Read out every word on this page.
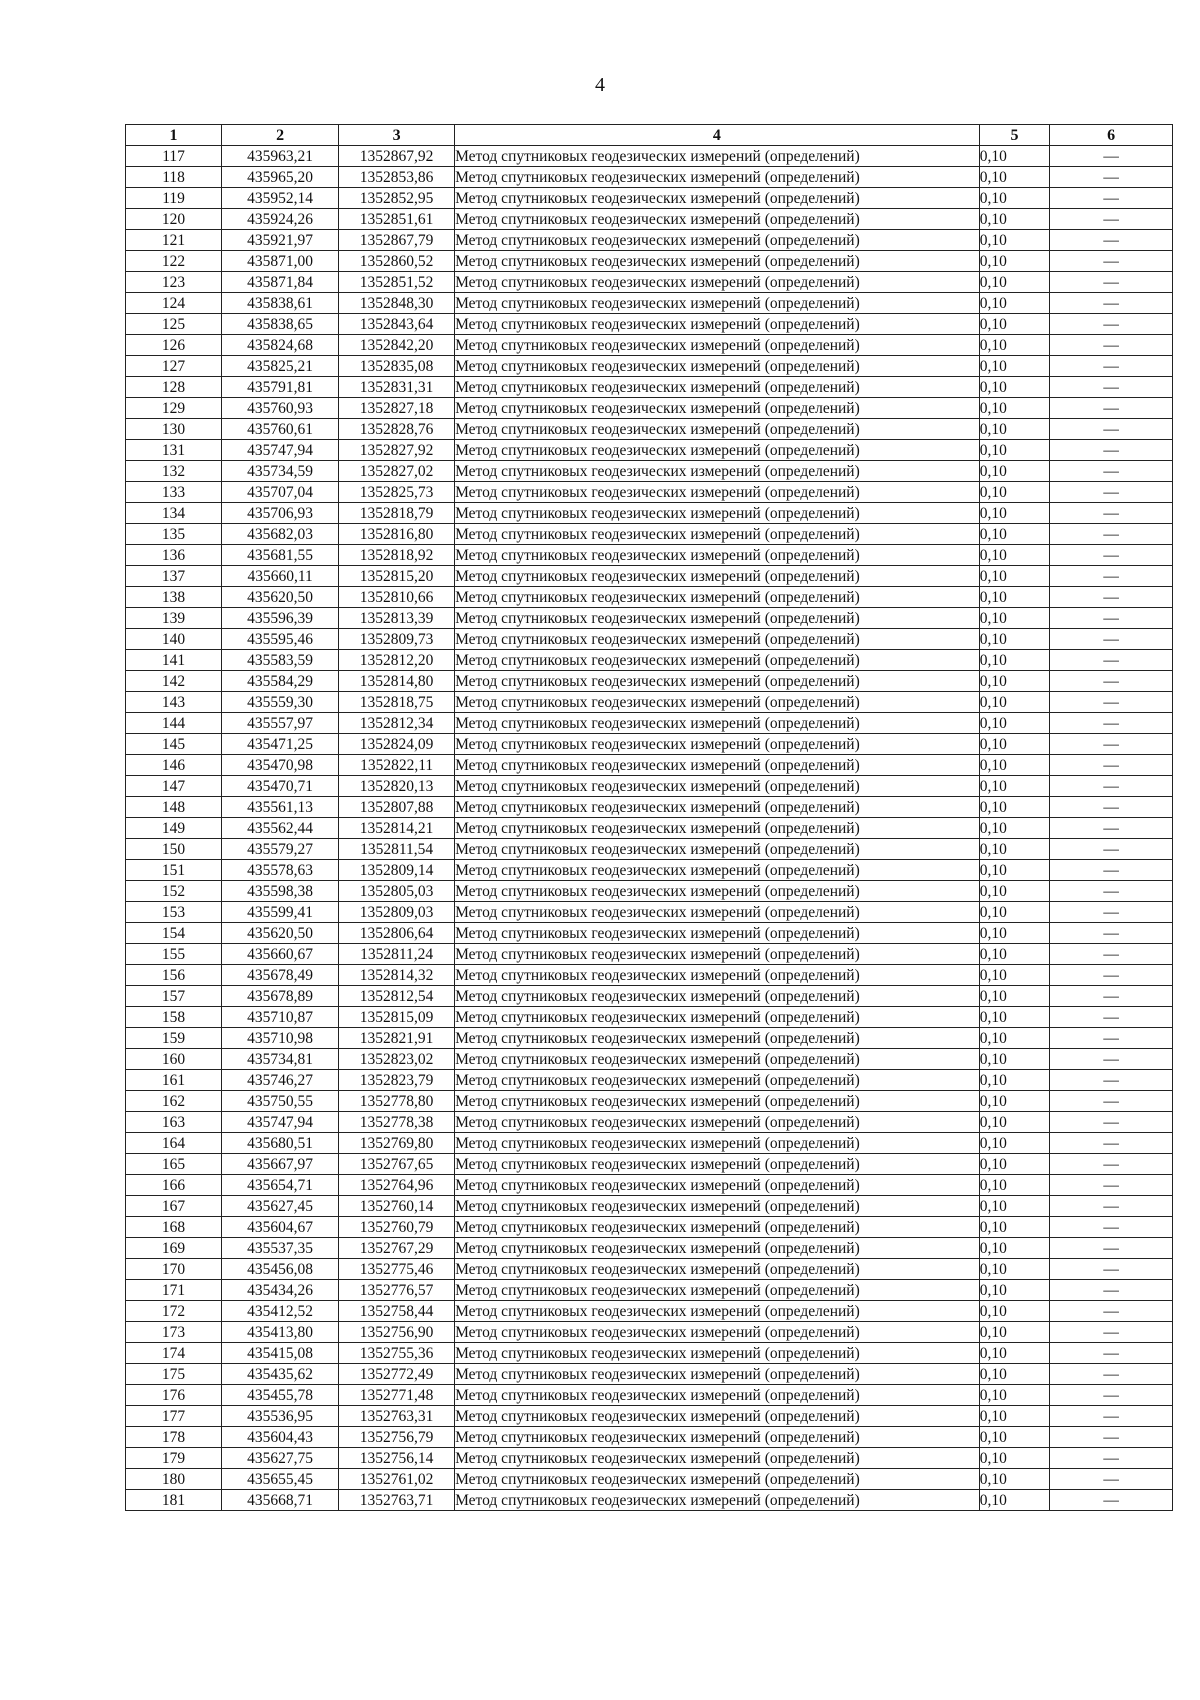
4
1	2	3	4	5	6
117	435963,21	1352867,92	Метод спутниковых геодезических измерений (определений)	0,10	—
118	435965,20	1352853,86	Метод спутниковых геодезических измерений (определений)	0,10	—
119	435952,14	1352852,95	Метод спутниковых геодезических измерений (определений)	0,10	—
120	435924,26	1352851,61	Метод спутниковых геодезических измерений (определений)	0,10	—
121	435921,97	1352867,79	Метод спутниковых геодезических измерений (определений)	0,10	—
122	435871,00	1352860,52	Метод спутниковых геодезических измерений (определений)	0,10	—
123	435871,84	1352851,52	Метод спутниковых геодезических измерений (определений)	0,10	—
124	435838,61	1352848,30	Метод спутниковых геодезических измерений (определений)	0,10	—
125	435838,65	1352843,64	Метод спутниковых геодезических измерений (определений)	0,10	—
126	435824,68	1352842,20	Метод спутниковых геодезических измерений (определений)	0,10	—
127	435825,21	1352835,08	Метод спутниковых геодезических измерений (определений)	0,10	—
128	435791,81	1352831,31	Метод спутниковых геодезических измерений (определений)	0,10	—
129	435760,93	1352827,18	Метод спутниковых геодезических измерений (определений)	0,10	—
130	435760,61	1352828,76	Метод спутниковых геодезических измерений (определений)	0,10	—
131	435747,94	1352827,92	Метод спутниковых геодезических измерений (определений)	0,10	—
132	435734,59	1352827,02	Метод спутниковых геодезических измерений (определений)	0,10	—
133	435707,04	1352825,73	Метод спутниковых геодезических измерений (определений)	0,10	—
134	435706,93	1352818,79	Метод спутниковых геодезических измерений (определений)	0,10	—
135	435682,03	1352816,80	Метод спутниковых геодезических измерений (определений)	0,10	—
136	435681,55	1352818,92	Метод спутниковых геодезических измерений (определений)	0,10	—
137	435660,11	1352815,20	Метод спутниковых геодезических измерений (определений)	0,10	—
138	435620,50	1352810,66	Метод спутниковых геодезических измерений (определений)	0,10	—
139	435596,39	1352813,39	Метод спутниковых геодезических измерений (определений)	0,10	—
140	435595,46	1352809,73	Метод спутниковых геодезических измерений (определений)	0,10	—
141	435583,59	1352812,20	Метод спутниковых геодезических измерений (определений)	0,10	—
142	435584,29	1352814,80	Метод спутниковых геодезических измерений (определений)	0,10	—
143	435559,30	1352818,75	Метод спутниковых геодезических измерений (определений)	0,10	—
144	435557,97	1352812,34	Метод спутниковых геодезических измерений (определений)	0,10	—
145	435471,25	1352824,09	Метод спутниковых геодезических измерений (определений)	0,10	—
146	435470,98	1352822,11	Метод спутниковых геодезических измерений (определений)	0,10	—
147	435470,71	1352820,13	Метод спутниковых геодезических измерений (определений)	0,10	—
148	435561,13	1352807,88	Метод спутниковых геодезических измерений (определений)	0,10	—
149	435562,44	1352814,21	Метод спутниковых геодезических измерений (определений)	0,10	—
150	435579,27	1352811,54	Метод спутниковых геодезических измерений (определений)	0,10	—
151	435578,63	1352809,14	Метод спутниковых геодезических измерений (определений)	0,10	—
152	435598,38	1352805,03	Метод спутниковых геодезических измерений (определений)	0,10	—
153	435599,41	1352809,03	Метод спутниковых геодезических измерений (определений)	0,10	—
154	435620,50	1352806,64	Метод спутниковых геодезических измерений (определений)	0,10	—
155	435660,67	1352811,24	Метод спутниковых геодезических измерений (определений)	0,10	—
156	435678,49	1352814,32	Метод спутниковых геодезических измерений (определений)	0,10	—
157	435678,89	1352812,54	Метод спутниковых геодезических измерений (определений)	0,10	—
158	435710,87	1352815,09	Метод спутниковых геодезических измерений (определений)	0,10	—
159	435710,98	1352821,91	Метод спутниковых геодезических измерений (определений)	0,10	—
160	435734,81	1352823,02	Метод спутниковых геодезических измерений (определений)	0,10	—
161	435746,27	1352823,79	Метод спутниковых геодезических измерений (определений)	0,10	—
162	435750,55	1352778,80	Метод спутниковых геодезических измерений (определений)	0,10	—
163	435747,94	1352778,38	Метод спутниковых геодезических измерений (определений)	0,10	—
164	435680,51	1352769,80	Метод спутниковых геодезических измерений (определений)	0,10	—
165	435667,97	1352767,65	Метод спутниковых геодезических измерений (определений)	0,10	—
166	435654,71	1352764,96	Метод спутниковых геодезических измерений (определений)	0,10	—
167	435627,45	1352760,14	Метод спутниковых геодезических измерений (определений)	0,10	—
168	435604,67	1352760,79	Метод спутниковых геодезических измерений (определений)	0,10	—
169	435537,35	1352767,29	Метод спутниковых геодезических измерений (определений)	0,10	—
170	435456,08	1352775,46	Метод спутниковых геодезических измерений (определений)	0,10	—
171	435434,26	1352776,57	Метод спутниковых геодезических измерений (определений)	0,10	—
172	435412,52	1352758,44	Метод спутниковых геодезических измерений (определений)	0,10	—
173	435413,80	1352756,90	Метод спутниковых геодезических измерений (определений)	0,10	—
174	435415,08	1352755,36	Метод спутниковых геодезических измерений (определений)	0,10	—
175	435435,62	1352772,49	Метод спутниковых геодезических измерений (определений)	0,10	—
176	435455,78	1352771,48	Метод спутниковых геодезических измерений (определений)	0,10	—
177	435536,95	1352763,31	Метод спутниковых геодезических измерений (определений)	0,10	—
178	435604,43	1352756,79	Метод спутниковых геодезических измерений (определений)	0,10	—
179	435627,75	1352756,14	Метод спутниковых геодезических измерений (определений)	0,10	—
180	435655,45	1352761,02	Метод спутниковых геодезических измерений (определений)	0,10	—
181	435668,71	1352763,71	Метод спутниковых геодезических измерений (определений)	0,10	—
